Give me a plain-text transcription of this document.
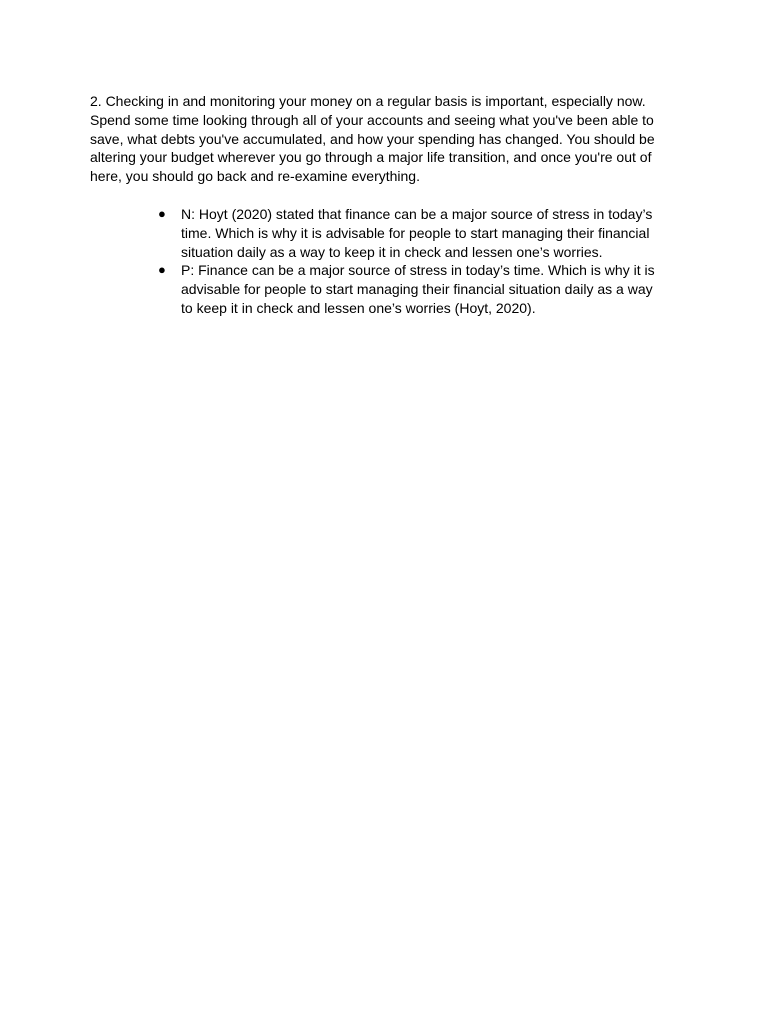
2. Checking in and monitoring your money on a regular basis is important, especially now. Spend some time looking through all of your accounts and seeing what you've been able to save, what debts you've accumulated, and how your spending has changed. You should be altering your budget wherever you go through a major life transition, and once you're out of here, you should go back and re-examine everything.

●	N: Hoyt (2020) stated that finance can be a major source of stress in today’s time. Which is why it is advisable for people to start managing their financial situation daily as a way to keep it in check and lessen one’s worries.
●	P: Finance can be a major source of stress in today’s time. Which is why it is advisable for people to start managing their financial situation daily as a way to keep it in check and lessen one’s worries (Hoyt, 2020).
